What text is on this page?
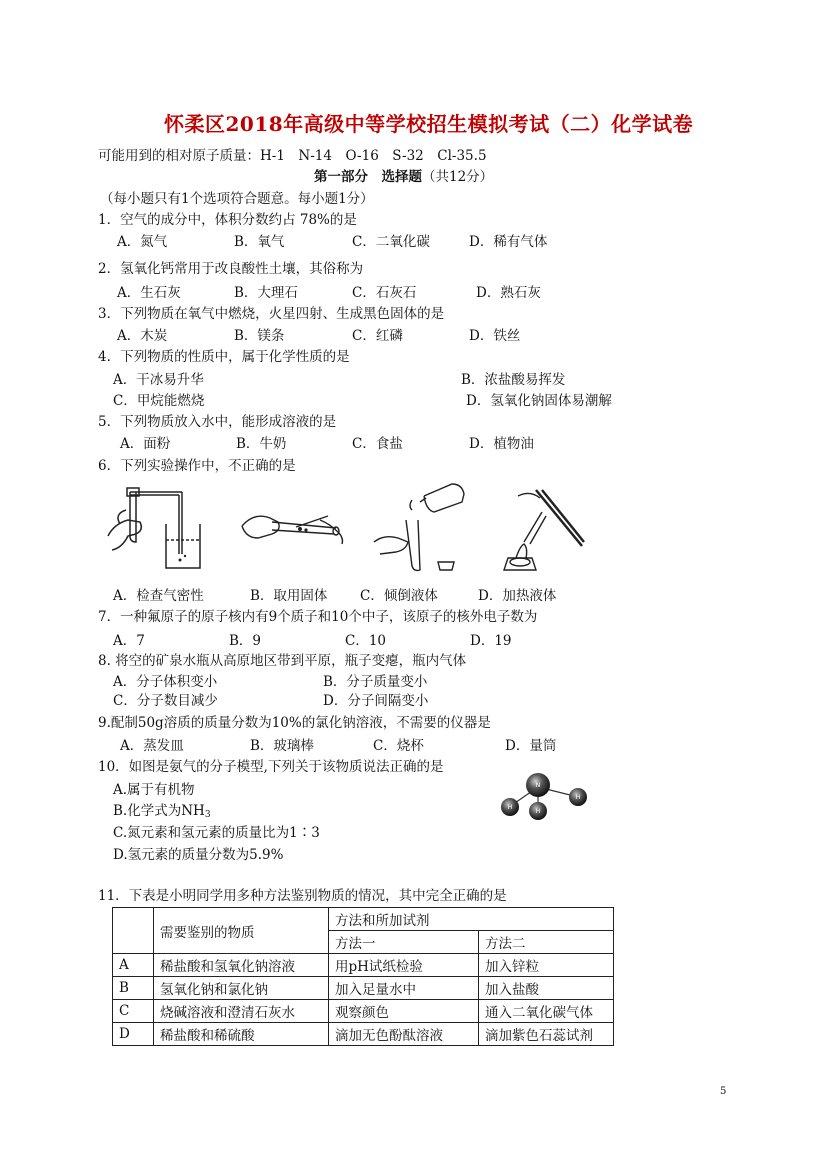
怀柔区2018年高级中等学校招生模拟考试（二）化学试卷
可能用到的相对原子质量：H-1　N-14　O-16　S-32　Cl-35.5
第一部分　选择题（共12分）
（每小题只有1个选项符合题意。每小题1分）
1．空气的成分中，体积分数约占 78%的是
A．氮气	B．氧气	C．二氧化碳	D．稀有气体
2．氢氧化钙常用于改良酸性土壤，其俗称为
A．生石灰	B．大理石	C．石灰石	D．熟石灰
3．下列物质在氧气中燃烧，火星四射、生成黑色固体的是
A．木炭	B．镁条	C．红磷	D．铁丝
4．下列物质的性质中，属于化学性质的是
A．干冰易升华	B．浓盐酸易挥发
C．甲烷能燃烧	D．氢氧化钠固体易潮解
5．下列物质放入水中，能形成溶液的是
A．面粉	B．牛奶	C．食盐	D．植物油
6．下列实验操作中，不正确的是
A．检查气密性	B．取用固体 C．倾倒液体	D．加热液体
7．一种氟原子的原子核内有9个质子和10个中子，该原子的核外电子数为
A．7	B．9	C．10	D．19
8. 将空的矿泉水瓶从高原地区带到平原，瓶子变瘪，瓶内气体
A．分子体积变小	B．分子质量变小
C．分子数目减少	D．分子间隔变小
9.配制50g溶质的质量分数为10%的氯化钠溶液，不需要的仪器是
A．蒸发皿	B．玻璃棒	C．烧杯	D．量筒
10．如图是氨气的分子模型,下列关于该物质说法正确的是
A.属于有机物
B.化学式为$NH_3$
C.氮元素和氢元素的质量比为1∶3
D.氢元素的质量分数为5.9%
N
H
H
H
11．下表是小明同学用多种方法鉴别物质的情况，其中完全正确的是
	需要鉴别的物质	方法和所加试剂	
		方法一	方法二
A	稀盐酸和氢氧化钠溶液	用pH试纸检验	加入锌粒
B	氢氧化钠和氯化钠	加入足量水中	加入盐酸
C	烧碱溶液和澄清石灰水	观察颜色	通入二氧化碳气体
D	稀盐酸和稀硫酸	滴加无色酚酞溶液	滴加紫色石蕊试剂
5
